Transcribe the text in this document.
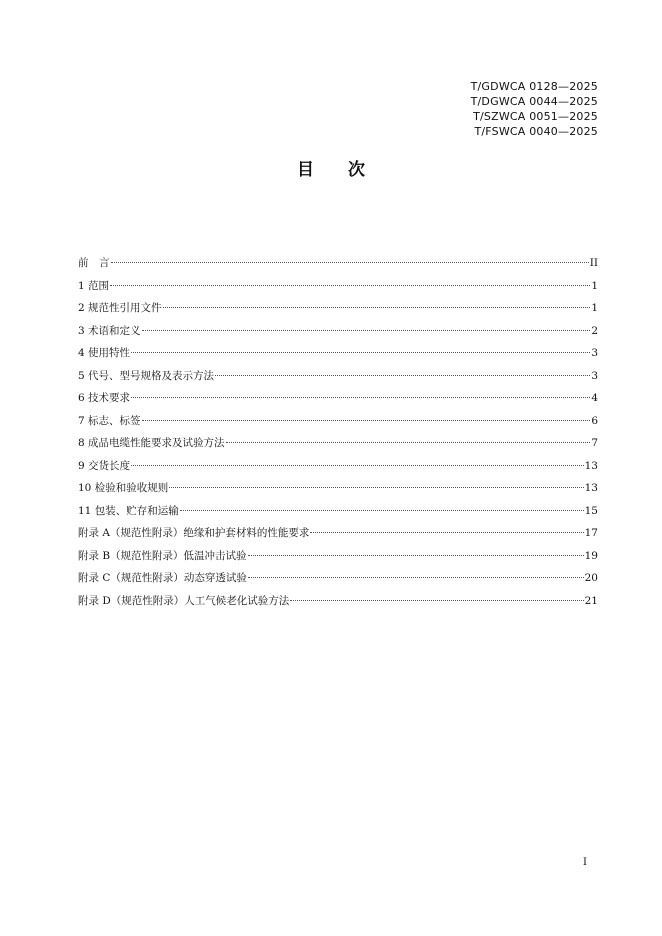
T/GDWCA 0128—2025
T/DGWCA 0044—2025
T/SZWCA 0051—2025
T/FSWCA 0040—2025
目 次
前　言	II
1 范围	1
2 规范性引用文件	1
3 术语和定义	2
4 使用特性	3
5 代号、型号规格及表示方法	3
6 技术要求	4
7 标志、标签	6
8 成品电缆性能要求及试验方法	7
9 交货长度	13
10 检验和验收规则	13
11 包装、贮存和运输	15
附录 A（规范性附录）绝缘和护套材料的性能要求	17
附录 B（规范性附录）低温冲击试验	19
附录 C（规范性附录）动态穿透试验	20
附录 D（规范性附录）人工气候老化试验方法	21
I
